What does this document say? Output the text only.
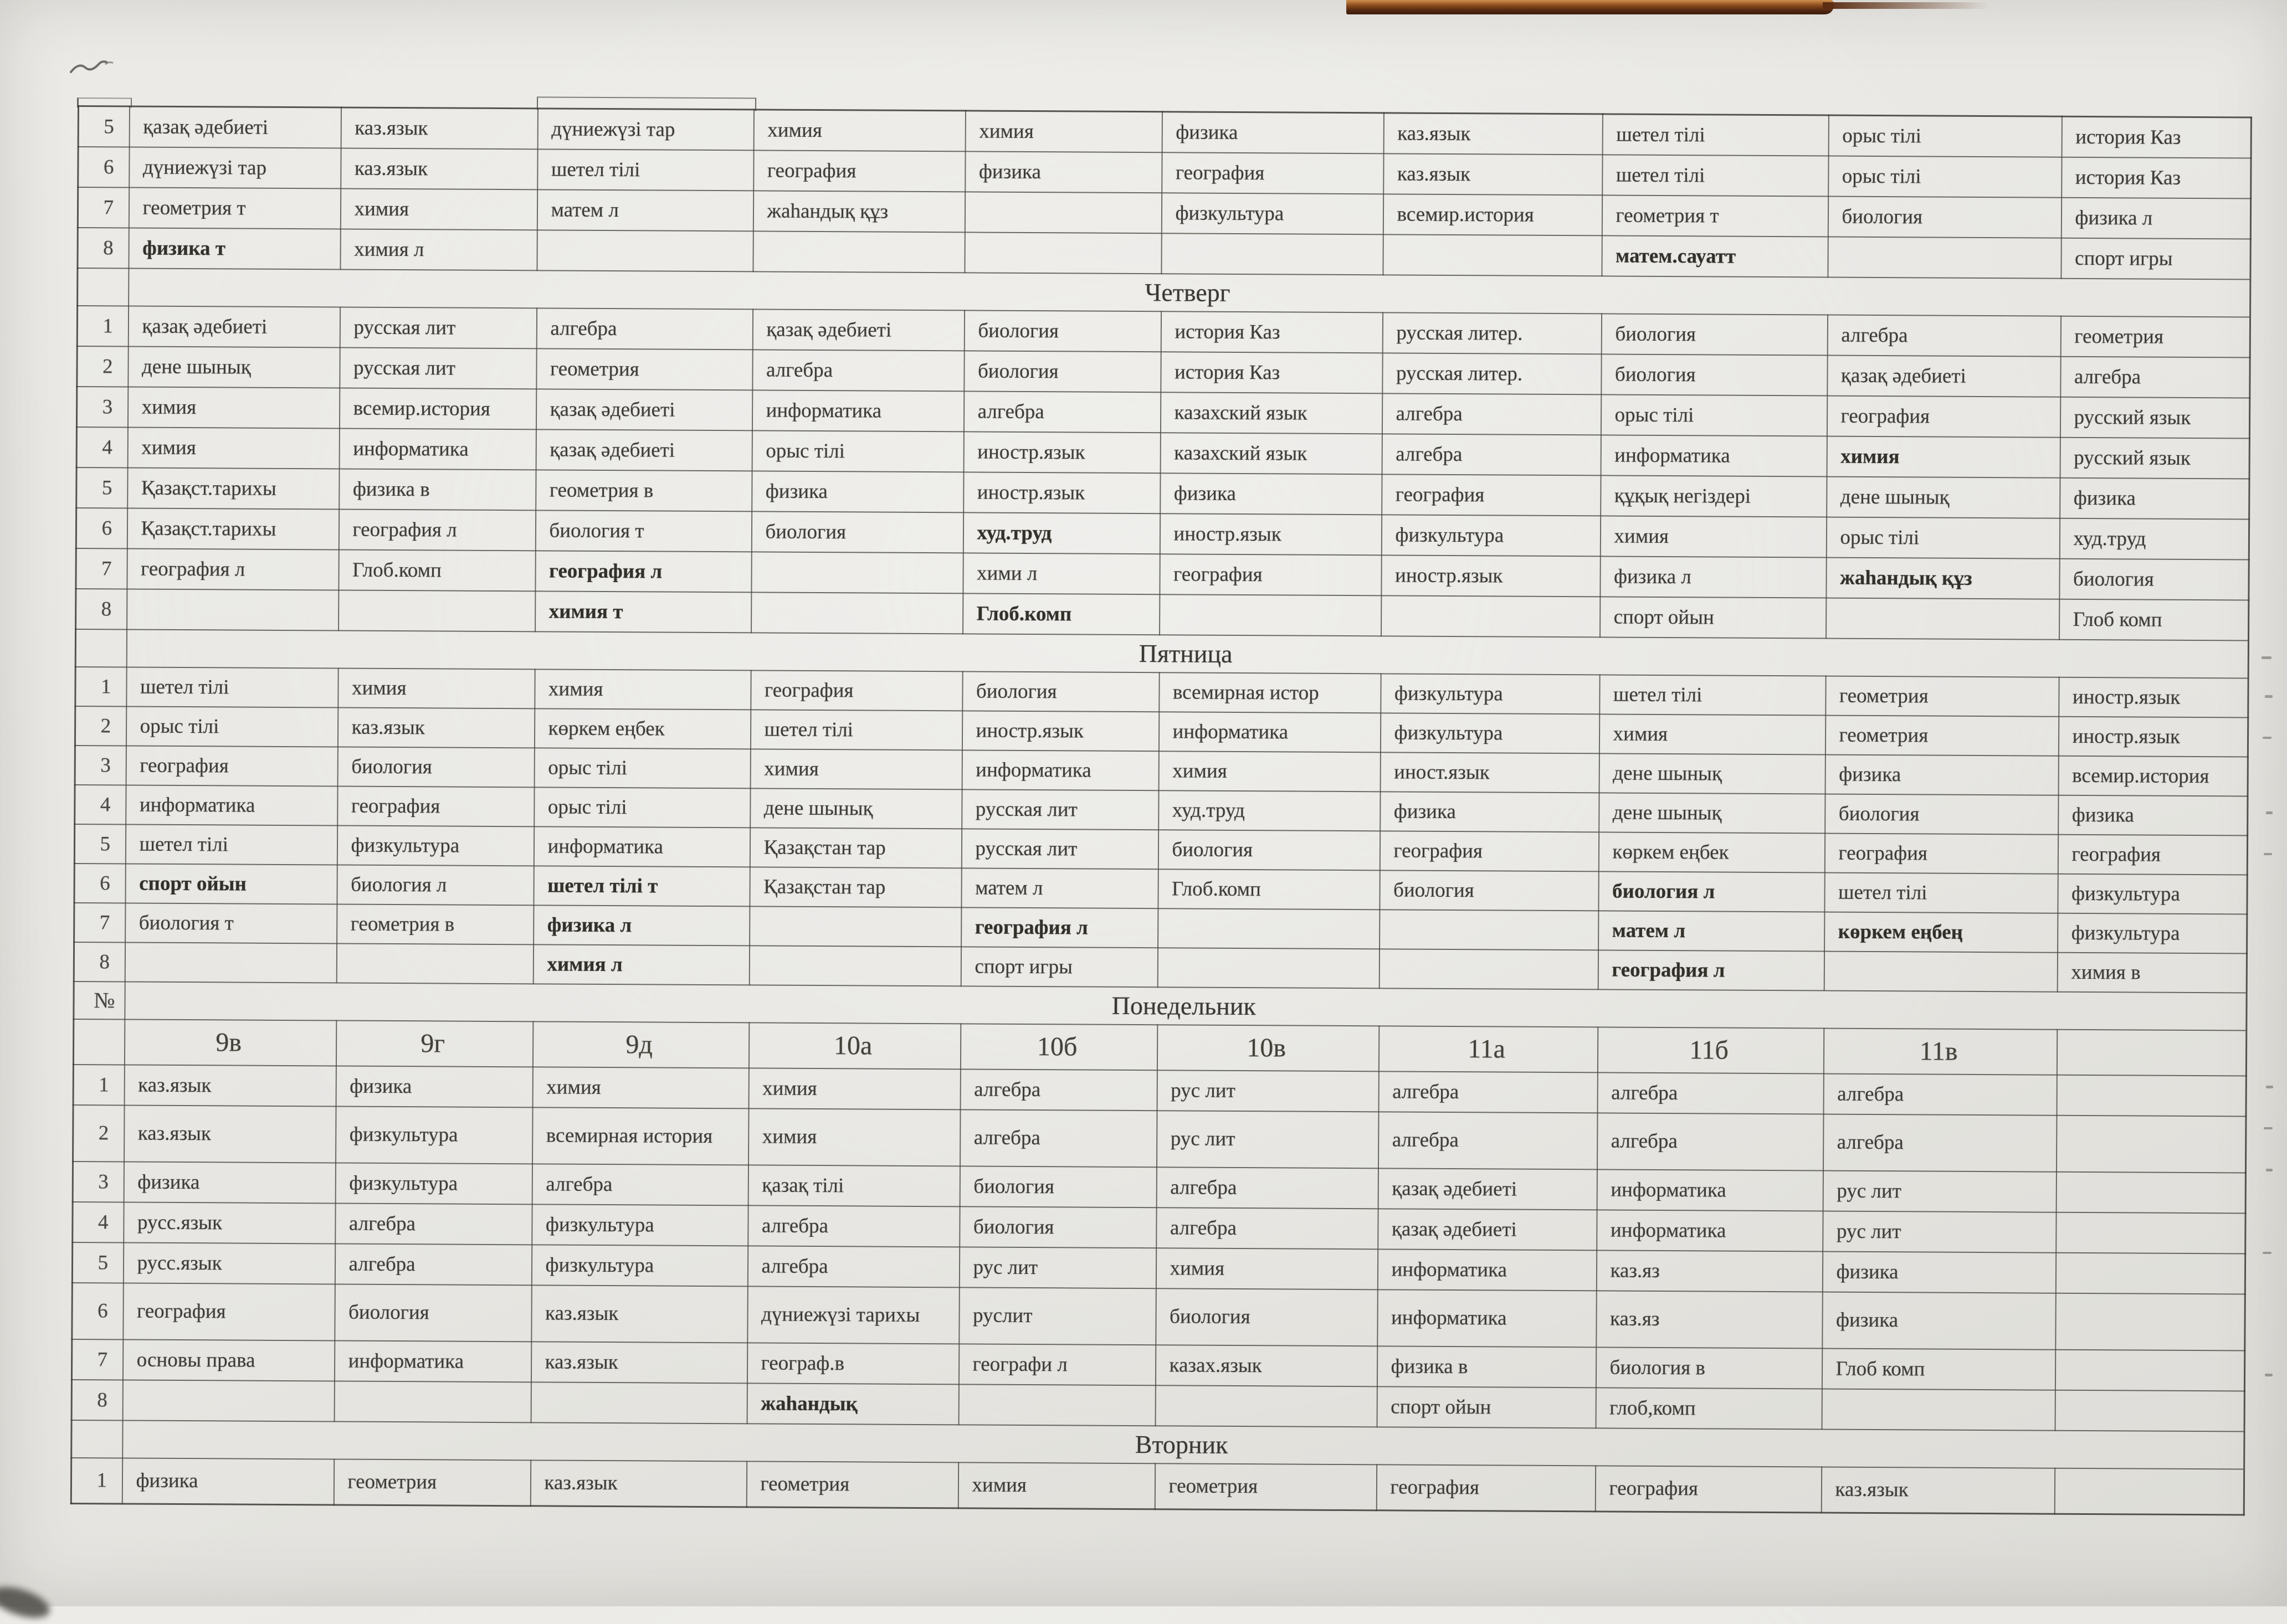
5	қазақ әдебиеті	каз.язык	дүниежүзі тар	химия	химия	физика	каз.язык	шетел тілі	орыс тілі	история Каз
6	дүниежүзі тар	каз.язык	шетел тілі	география	физика	география	каз.язык	шетел тілі	орыс тілі	история Каз
7	геометрия т	химия	матем л	жаһандық құз		физкультура	всемир.история	геометрия т	биология	физика л
8	физика т	химия л						матем.сауатт		спорт игры
	Четверг									
1	қазақ әдебиеті	русская лит	алгебра	қазақ әдебиеті	биология	история Каз	русская литер.	биология	алгебра	геометрия
2	дене шынық	русская лит	геометрия	алгебра	биология	история Каз	русская литер.	биология	қазақ әдебиеті	алгебра
3	химия	всемир.история	қазақ әдебиеті	информатика	алгебра	казахский язык	алгебра	орыс тілі	география	русский язык
4	химия	информатика	қазақ әдебиеті	орыс тілі	иностр.язык	казахский язык	алгебра	информатика	химия	русский язык
5	Қазақст.тарихы	физика в	геометрия в	физика	иностр.язык	физика	география	құқық негіздері	дене шынық	физика
6	Қазақст.тарихы	география л	биология т	биология	худ.труд	иностр.язык	физкультура	химия	орыс тілі	худ.труд
7	география л	Глоб.комп	география л		хими л	география	иностр.язык	физика л	жаһандық құз	биология
8			химия т		Глоб.комп			спорт ойын		Глоб комп
	Пятница									
1	шетел тілі	химия	химия	география	биология	всемирная истор	физкультура	шетел тілі	геометрия	иностр.язык
2	орыс тілі	каз.язык	көркем еңбек	шетел тілі	иностр.язык	информатика	физкультура	химия	геометрия	иностр.язык
3	география	биология	орыс тілі	химия	информатика	химия	иност.язык	дене шынық	физика	всемир.история
4	информатика	география	орыс тілі	дене шынық	русская лит	худ.труд	физика	дене шынық	биология	физика
5	шетел тілі	физкультура	информатика	Қазақстан тар	русская лит	биология	география	көркем еңбек	география	география
6	спорт ойын	биология л	шетел тілі т	Қазақстан тар	матем л	Глоб.комп	биология	биология л	шетел тілі	физкультура
7	биология т	геометрия в	физика л		география л			матем л	көркем еңбең	физкультура
8			химия л		спорт игры			география л		химия в
№	Понедельник									
	9в	9г	9д	10а	10б	10в	11а	11б	11в	
1	каз.язык	физика	химия	химия	алгебра	рус лит	алгебра	алгебра	алгебра	
2	каз.язык	физкультура	всемирная история	химия	алгебра	рус лит	алгебра	алгебра	алгебра	
3	физика	физкультура	алгебра	қазақ тілі	биология	алгебра	қазақ әдебиеті	информатика	рус лит	
4	русс.язык	алгебра	физкультура	алгебра	биология	алгебра	қазақ әдебиеті	информатика	рус лит	
5	русс.язык	алгебра	физкультура	алгебра	рус лит	химия	информатика	каз.яз	физика	
6	география	биология	каз.язык	дүниежүзі тарихы	руслит	биология	информатика	каз.яз	физика	
7	основы права	информатика	каз.язык	географ.в	географи л	казах.язык	физика в	биология в	Глоб комп	
8				жаһандық			спорт ойын	глоб,комп		
	Вторник									
1	физика	геометрия	каз.язык	геометрия	химия	геометрия	география	география	каз.язык	
